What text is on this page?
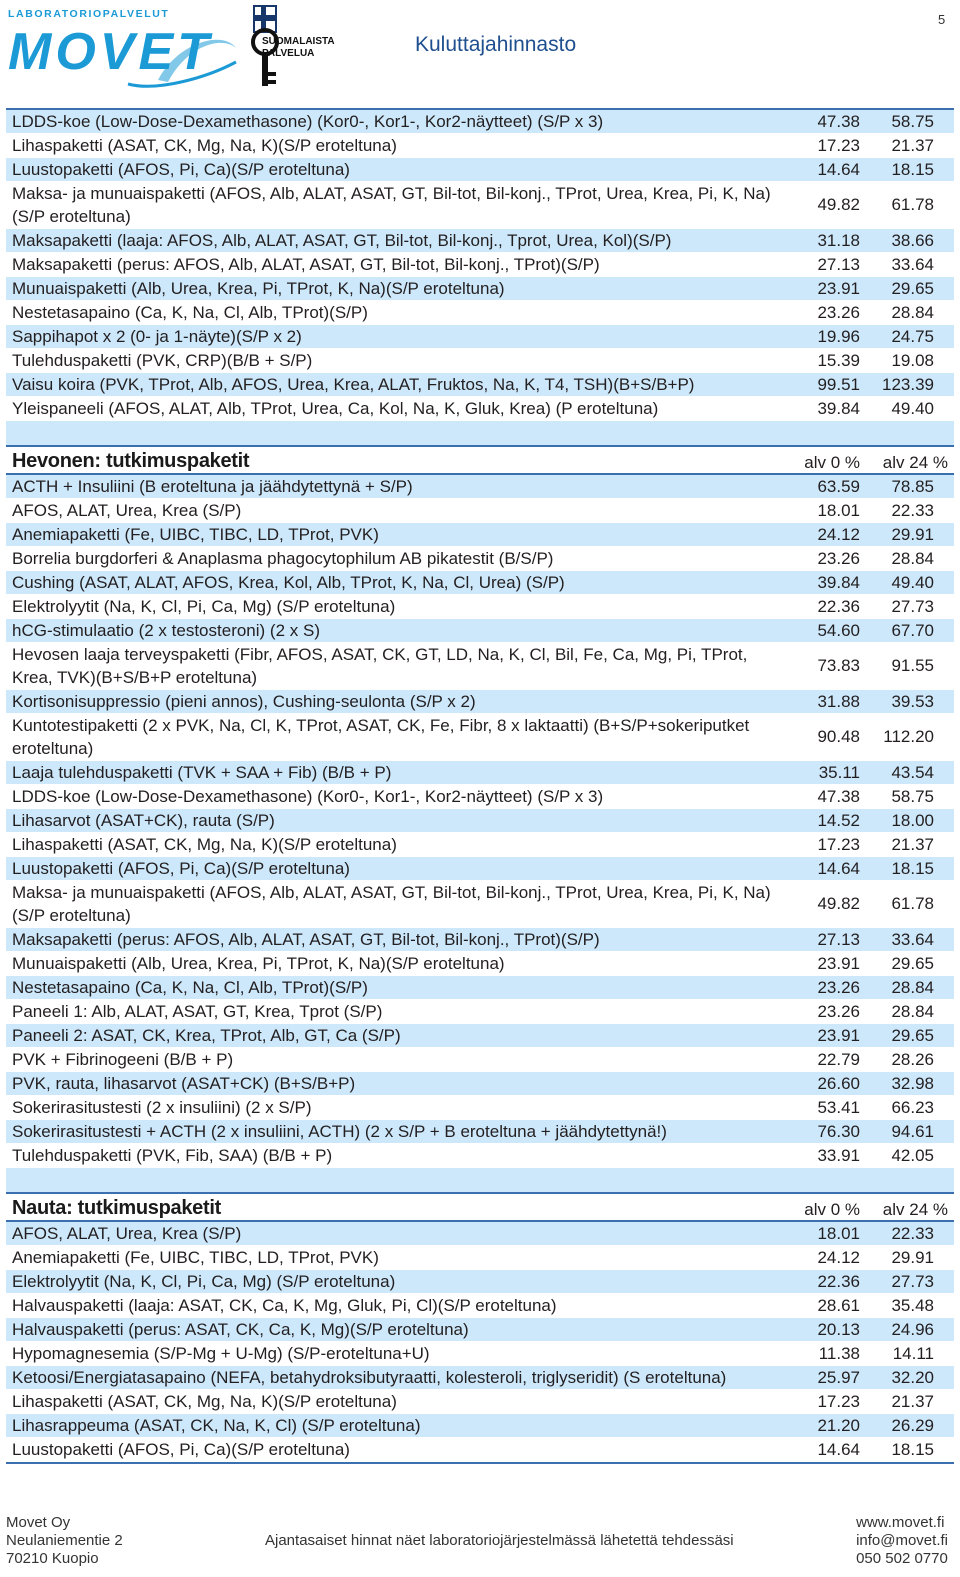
LABORATORIOPALVELUT
MOVET	SUOMALAISTA
PALVELUA	Kuluttajahinnasto
5
LDDS-koe (Low-Dose-Dexamethasone) (Kor0-, Kor1-, Kor2-näytteet) (S/P x 3)	47.38	58.75
Lihaspaketti (ASAT, CK, Mg, Na, K)(S/P eroteltuna)	17.23	21.37
Luustopaketti (AFOS, Pi, Ca)(S/P eroteltuna)	14.64	18.15
Maksa- ja munuaispaketti (AFOS, Alb, ALAT, ASAT, GT, Bil-tot, Bil-konj., TProt, Urea, Krea, Pi, K, Na) (S/P eroteltuna)
49.82	61.78
Maksapaketti (laaja: AFOS, Alb, ALAT, ASAT, GT, Bil-tot, Bil-konj., Tprot, Urea, Kol)(S/P)	31.18	38.66
Maksapaketti (perus: AFOS, Alb, ALAT, ASAT, GT, Bil-tot, Bil-konj., TProt)(S/P)	27.13	33.64
Munuaispaketti (Alb, Urea, Krea, Pi, TProt, K, Na)(S/P eroteltuna)	23.91	29.65
Nestetasapaino (Ca, K, Na, Cl, Alb, TProt)(S/P)	23.26	28.84
Sappihapot x 2 (0- ja 1-näyte)(S/P x 2)	19.96	24.75
Tulehduspaketti (PVK, CRP)(B/B + S/P)	15.39	19.08
Vaisu koira (PVK, TProt, Alb, AFOS, Urea, Krea, ALAT, Fruktos, Na, K, T4, TSH)(B+S/B+P)	99.51	123.39
Yleispaneeli (AFOS, ALAT, Alb, TProt, Urea, Ca, Kol, Na, K, Gluk, Krea) (P eroteltuna)	39.84	49.40
Hevonen: tutkimuspaketit	alv 0 %	alv 24 %
ACTH + Insuliini (B eroteltuna ja jäähdytettynä + S/P)	63.59	78.85
AFOS, ALAT, Urea, Krea (S/P)	18.01	22.33
Anemiapaketti (Fe, UIBC, TIBC, LD, TProt, PVK)	24.12	29.91
Borrelia burgdorferi & Anaplasma phagocytophilum AB pikatestit (B/S/P)	23.26	28.84
Cushing (ASAT, ALAT, AFOS, Krea, Kol, Alb, TProt, K, Na, Cl, Urea) (S/P)	39.84	49.40
Elektrolyytit (Na, K, Cl, Pi, Ca, Mg) (S/P eroteltuna)	22.36	27.73
hCG-stimulaatio (2 x testosteroni) (2 x S)	54.60	67.70
Hevosen laaja terveyspaketti (Fibr, AFOS, ASAT, CK, GT, LD, Na, K, Cl, Bil, Fe, Ca, Mg, Pi, TProt, Krea, TVK)(B+S/B+P eroteltuna)
73.83	91.55
Kortisonisuppressio (pieni annos), Cushing-seulonta (S/P x 2)	31.88	39.53
Kuntotestipaketti (2 x PVK, Na, Cl, K, TProt, ASAT, CK, Fe, Fibr, 8 x laktaatti) (B+S/P+sokeriputket eroteltuna)
90.48	112.20
Laaja tulehduspaketti (TVK + SAA + Fib) (B/B + P)	35.11	43.54
LDDS-koe (Low-Dose-Dexamethasone) (Kor0-, Kor1-, Kor2-näytteet) (S/P x 3)	47.38	58.75
Lihasarvot (ASAT+CK), rauta (S/P)	14.52	18.00
Lihaspaketti (ASAT, CK, Mg, Na, K)(S/P eroteltuna)	17.23	21.37
Luustopaketti (AFOS, Pi, Ca)(S/P eroteltuna)	14.64	18.15
Maksa- ja munuaispaketti (AFOS, Alb, ALAT, ASAT, GT, Bil-tot, Bil-konj., TProt, Urea, Krea, Pi, K, Na) (S/P eroteltuna)
49.82	61.78
Maksapaketti (perus: AFOS, Alb, ALAT, ASAT, GT, Bil-tot, Bil-konj., TProt)(S/P)	27.13	33.64
Munuaispaketti (Alb, Urea, Krea, Pi, TProt, K, Na)(S/P eroteltuna)	23.91	29.65
Nestetasapaino (Ca, K, Na, Cl, Alb, TProt)(S/P)	23.26	28.84
Paneeli 1: Alb, ALAT, ASAT, GT, Krea, Tprot (S/P)	23.26	28.84
Paneeli 2: ASAT, CK, Krea, TProt, Alb, GT, Ca (S/P)	23.91	29.65
PVK + Fibrinogeeni (B/B + P)	22.79	28.26
PVK, rauta, lihasarvot (ASAT+CK) (B+S/B+P)	26.60	32.98
Sokerirasitustesti (2 x insuliini) (2 x S/P)	53.41	66.23
Sokerirasitustesti + ACTH (2 x insuliini, ACTH) (2 x S/P + B eroteltuna + jäähdytettynä!)	76.30	94.61
Tulehduspaketti (PVK, Fib, SAA) (B/B + P)	33.91	42.05
Nauta: tutkimuspaketit	alv 0 %	alv 24 %
AFOS, ALAT, Urea, Krea (S/P)	18.01	22.33
Anemiapaketti (Fe, UIBC, TIBC, LD, TProt, PVK)	24.12	29.91
Elektrolyytit (Na, K, Cl, Pi, Ca, Mg) (S/P eroteltuna)	22.36	27.73
Halvauspaketti (laaja: ASAT, CK, Ca, K, Mg, Gluk, Pi, Cl)(S/P eroteltuna)	28.61	35.48
Halvauspaketti (perus: ASAT, CK, Ca, K, Mg)(S/P eroteltuna)	20.13	24.96
Hypomagnesemia (S/P-Mg + U-Mg) (S/P-eroteltuna+U)	11.38	14.11
Ketoosi/Energiatasapaino (NEFA, betahydroksibutyraatti, kolesteroli, triglyseridit) (S eroteltuna)	25.97	32.20
Lihaspaketti (ASAT, CK, Mg, Na, K)(S/P eroteltuna)	17.23	21.37
Lihasrappeuma (ASAT, CK, Na, K, Cl) (S/P eroteltuna)	21.20	26.29
Luustopaketti (AFOS, Pi, Ca)(S/P eroteltuna)	14.64	18.15
Movet Oy
Neulaniementie 2
70210 Kuopio
Ajantasaiset hinnat näet laboratoriojärjestelmässä lähetettä tehdessäsi
www.movet.fi
info@movet.fi
050 502 0770
